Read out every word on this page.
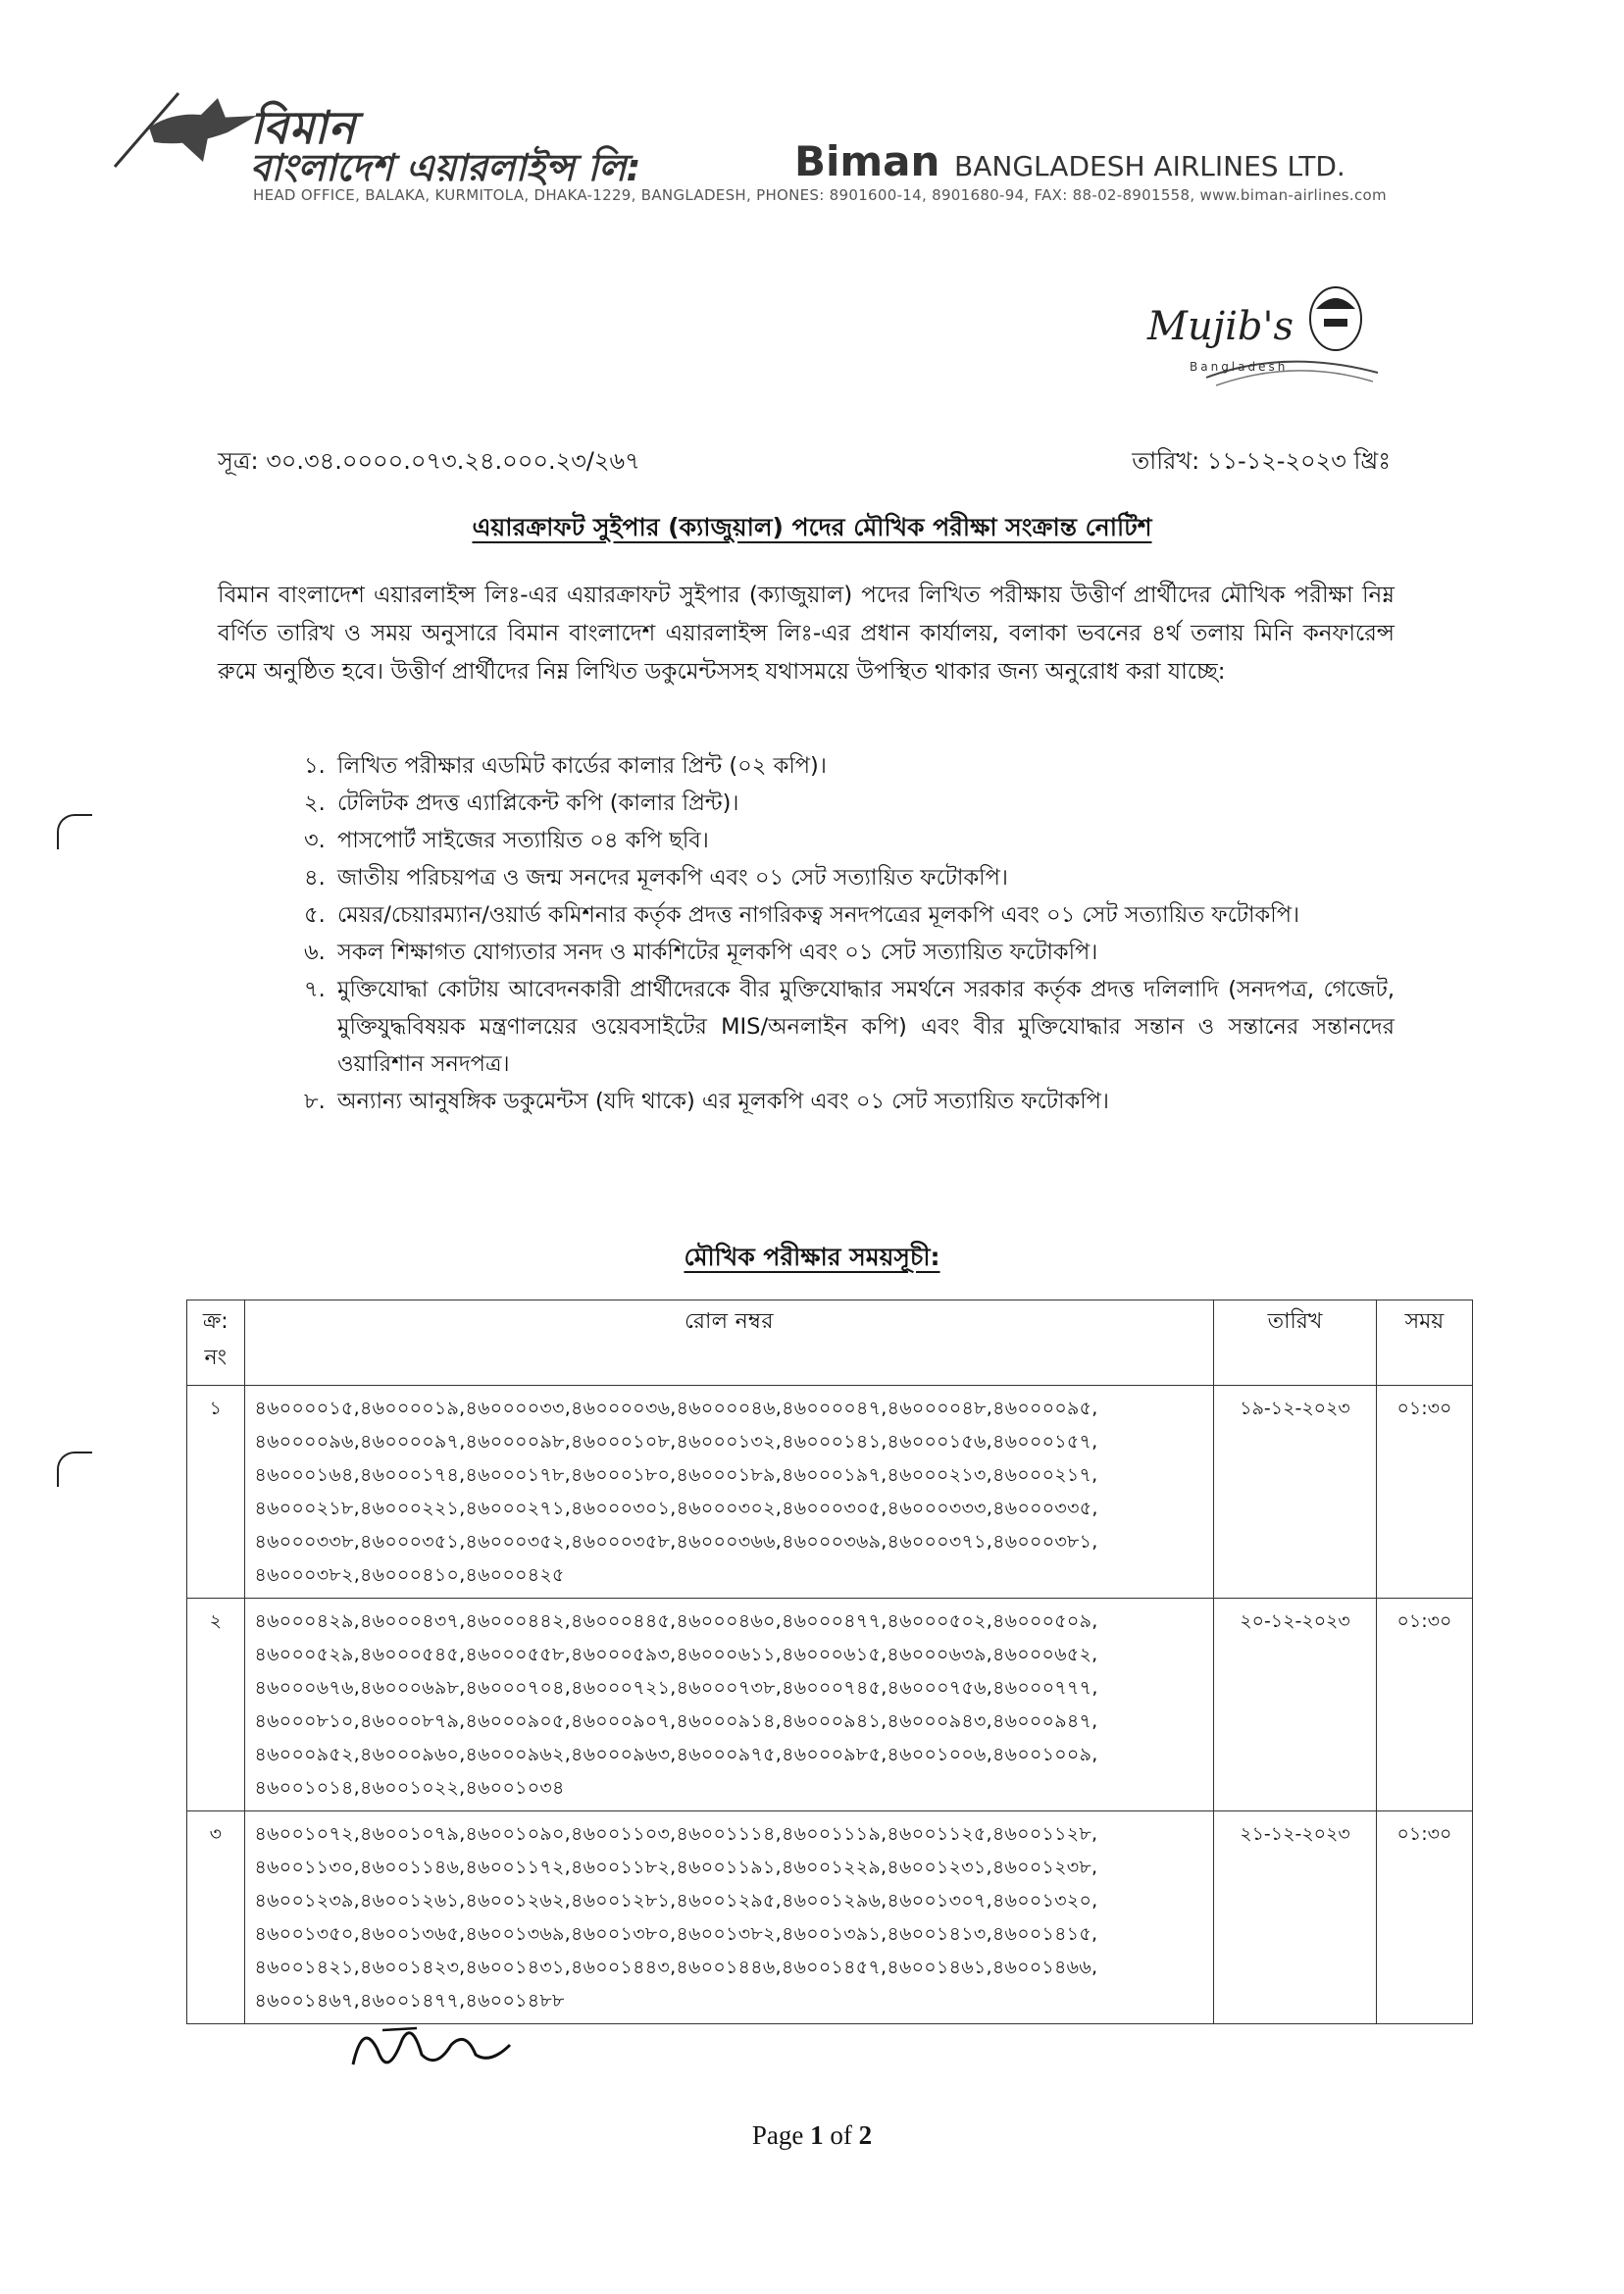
বিমান
বাংলাদেশ এয়ারলাইন্স লি:	Biman BANGLADESH AIRLINES LTD.
HEAD OFFICE, BALAKA, KURMITOLA, DHAKA-1229, BANGLADESH, PHONES: 8901600-14, 8901680-94, FAX: 88-02-8901558, www.biman-airlines.com
Mujib's
Bangladesh
সূত্র: ৩০.৩৪.০০০০.০৭৩.২৪.০০০.২৩/২৬৭	তারিখ: ১১-১২-২০২৩ খ্রিঃ
এয়ারক্রাফট সুইপার (ক্যাজুয়াল) পদের মৌখিক পরীক্ষা সংক্রান্ত নোটিশ
বিমান বাংলাদেশ এয়ারলাইন্স লিঃ-এর এয়ারক্রাফট সুইপার (ক্যাজুয়াল) পদের লিখিত পরীক্ষায় উত্তীর্ণ প্রার্থীদের মৌখিক পরীক্ষা নিম্ন বর্ণিত তারিখ ও সময় অনুসারে বিমান বাংলাদেশ এয়ারলাইন্স লিঃ-এর প্রধান কার্যালয়, বলাকা ভবনের ৪র্থ তলায় মিনি কনফারেন্স রুমে অনুষ্ঠিত হবে। উত্তীর্ণ প্রার্থীদের নিম্ন লিখিত ডকুমেন্টসসহ যথাসময়ে উপস্থিত থাকার জন্য অনুরোধ করা যাচ্ছে:
১. লিখিত পরীক্ষার এডমিট কার্ডের কালার প্রিন্ট (০২ কপি)।
২. টেলিটক প্রদত্ত এ্যাপ্লিকেন্ট কপি (কালার প্রিন্ট)।
৩. পাসপোর্ট সাইজের সত্যায়িত ০৪ কপি ছবি।
৪. জাতীয় পরিচয়পত্র ও জন্ম সনদের মূলকপি এবং ০১ সেট সত্যায়িত ফটোকপি।
৫. মেয়র/চেয়ারম্যান/ওয়ার্ড কমিশনার কর্তৃক প্রদত্ত নাগরিকত্ব সনদপত্রের মূলকপি এবং ০১ সেট সত্যায়িত ফটোকপি।
৬. সকল শিক্ষাগত যোগ্যতার সনদ ও মার্কশিটের মূলকপি এবং ০১ সেট সত্যায়িত ফটোকপি।
৭. মুক্তিযোদ্ধা কোটায় আবেদনকারী প্রার্থীদেরকে বীর মুক্তিযোদ্ধার সমর্থনে সরকার কর্তৃক প্রদত্ত দলিলাদি (সনদপত্র, গেজেট, মুক্তিযুদ্ধবিষয়ক মন্ত্রণালয়ের ওয়েবসাইটের MIS/অনলাইন কপি) এবং বীর মুক্তিযোদ্ধার সন্তান ও সন্তানের সন্তানদের ওয়ারিশান সনদপত্র।
৮. অন্যান্য আনুষঙ্গিক ডকুমেন্টস (যদি থাকে) এর মূলকপি এবং ০১ সেট সত্যায়িত ফটোকপি।
মৌখিক পরীক্ষার সময়সূচী:
ক্র: নং	রোল নম্বর	তারিখ	সময়
১	৪৬০০০০১৫,৪৬০০০০১৯,৪৬০০০০৩৩,৪৬০০০০৩৬,৪৬০০০০৪৬,৪৬০০০০৪৭,৪৬০০০০৪৮,৪৬০০০০৯৫, ৪৬০০০০৯৬,৪৬০০০০৯৭,৪৬০০০০৯৮,৪৬০০০১০৮,৪৬০০০১৩২,৪৬০০০১৪১,৪৬০০০১৫৬,৪৬০০০১৫৭, ৪৬০০০১৬৪,৪৬০০০১৭৪,৪৬০০০১৭৮,৪৬০০০১৮০,৪৬০০০১৮৯,৪৬০০০১৯৭,৪৬০০০২১৩,৪৬০০০২১৭, ৪৬০০০২১৮,৪৬০০০২২১,৪৬০০০২৭১,৪৬০০০৩০১,৪৬০০০৩০২,৪৬০০০৩০৫,৪৬০০০৩৩৩,৪৬০০০৩৩৫, ৪৬০০০৩৩৮,৪৬০০০৩৫১,৪৬০০০৩৫২,৪৬০০০৩৫৮,৪৬০০০৩৬৬,৪৬০০০৩৬৯,৪৬০০০৩৭১,৪৬০০০৩৮১, ৪৬০০০৩৮২,৪৬০০০৪১০,৪৬০০০৪২৫	১৯-১২-২০২৩	০১:৩০
২	৪৬০০০৪২৯,৪৬০০০৪৩৭,৪৬০০০৪৪২,৪৬০০০৪৪৫,৪৬০০০৪৬০,৪৬০০০৪৭৭,৪৬০০০৫০২,৪৬০০০৫০৯, ৪৬০০০৫২৯,৪৬০০০৫৪৫,৪৬০০০৫৫৮,৪৬০০০৫৯৩,৪৬০০০৬১১,৪৬০০০৬১৫,৪৬০০০৬৩৯,৪৬০০০৬৫২, ৪৬০০০৬৭৬,৪৬০০০৬৯৮,৪৬০০০৭০৪,৪৬০০০৭২১,৪৬০০০৭৩৮,৪৬০০০৭৪৫,৪৬০০০৭৫৬,৪৬০০০৭৭৭, ৪৬০০০৮১০,৪৬০০০৮৭৯,৪৬০০০৯০৫,৪৬০০০৯০৭,৪৬০০০৯১৪,৪৬০০০৯৪১,৪৬০০০৯৪৩,৪৬০০০৯৪৭, ৪৬০০০৯৫২,৪৬০০০৯৬০,৪৬০০০৯৬২,৪৬০০০৯৬৩,৪৬০০০৯৭৫,৪৬০০০৯৮৫,৪৬০০১০০৬,৪৬০০১০০৯, ৪৬০০১০১৪,৪৬০০১০২২,৪৬০০১০৩৪	২০-১২-২০২৩	০১:৩০
৩	৪৬০০১০৭২,৪৬০০১০৭৯,৪৬০০১০৯০,৪৬০০১১০৩,৪৬০০১১১৪,৪৬০০১১১৯,৪৬০০১১২৫,৪৬০০১১২৮, ৪৬০০১১৩০,৪৬০০১১৪৬,৪৬০০১১৭২,৪৬০০১১৮২,৪৬০০১১৯১,৪৬০০১২২৯,৪৬০০১২৩১,৪৬০০১২৩৮, ৪৬০০১২৩৯,৪৬০০১২৬১,৪৬০০১২৬২,৪৬০০১২৮১,৪৬০০১২৯৫,৪৬০০১২৯৬,৪৬০০১৩০৭,৪৬০০১৩২০, ৪৬০০১৩৫০,৪৬০০১৩৬৫,৪৬০০১৩৬৯,৪৬০০১৩৮০,৪৬০০১৩৮২,৪৬০০১৩৯১,৪৬০০১৪১৩,৪৬০০১৪১৫, ৪৬০০১৪২১,৪৬০০১৪২৩,৪৬০০১৪৩১,৪৬০০১৪৪৩,৪৬০০১৪৪৬,৪৬০০১৪৫৭,৪৬০০১৪৬১,৪৬০০১৪৬৬, ৪৬০০১৪৬৭,৪৬০০১৪৭৭,৪৬০০১৪৮৮	২১-১২-২০২৩	০১:৩০
Page 1 of 2
